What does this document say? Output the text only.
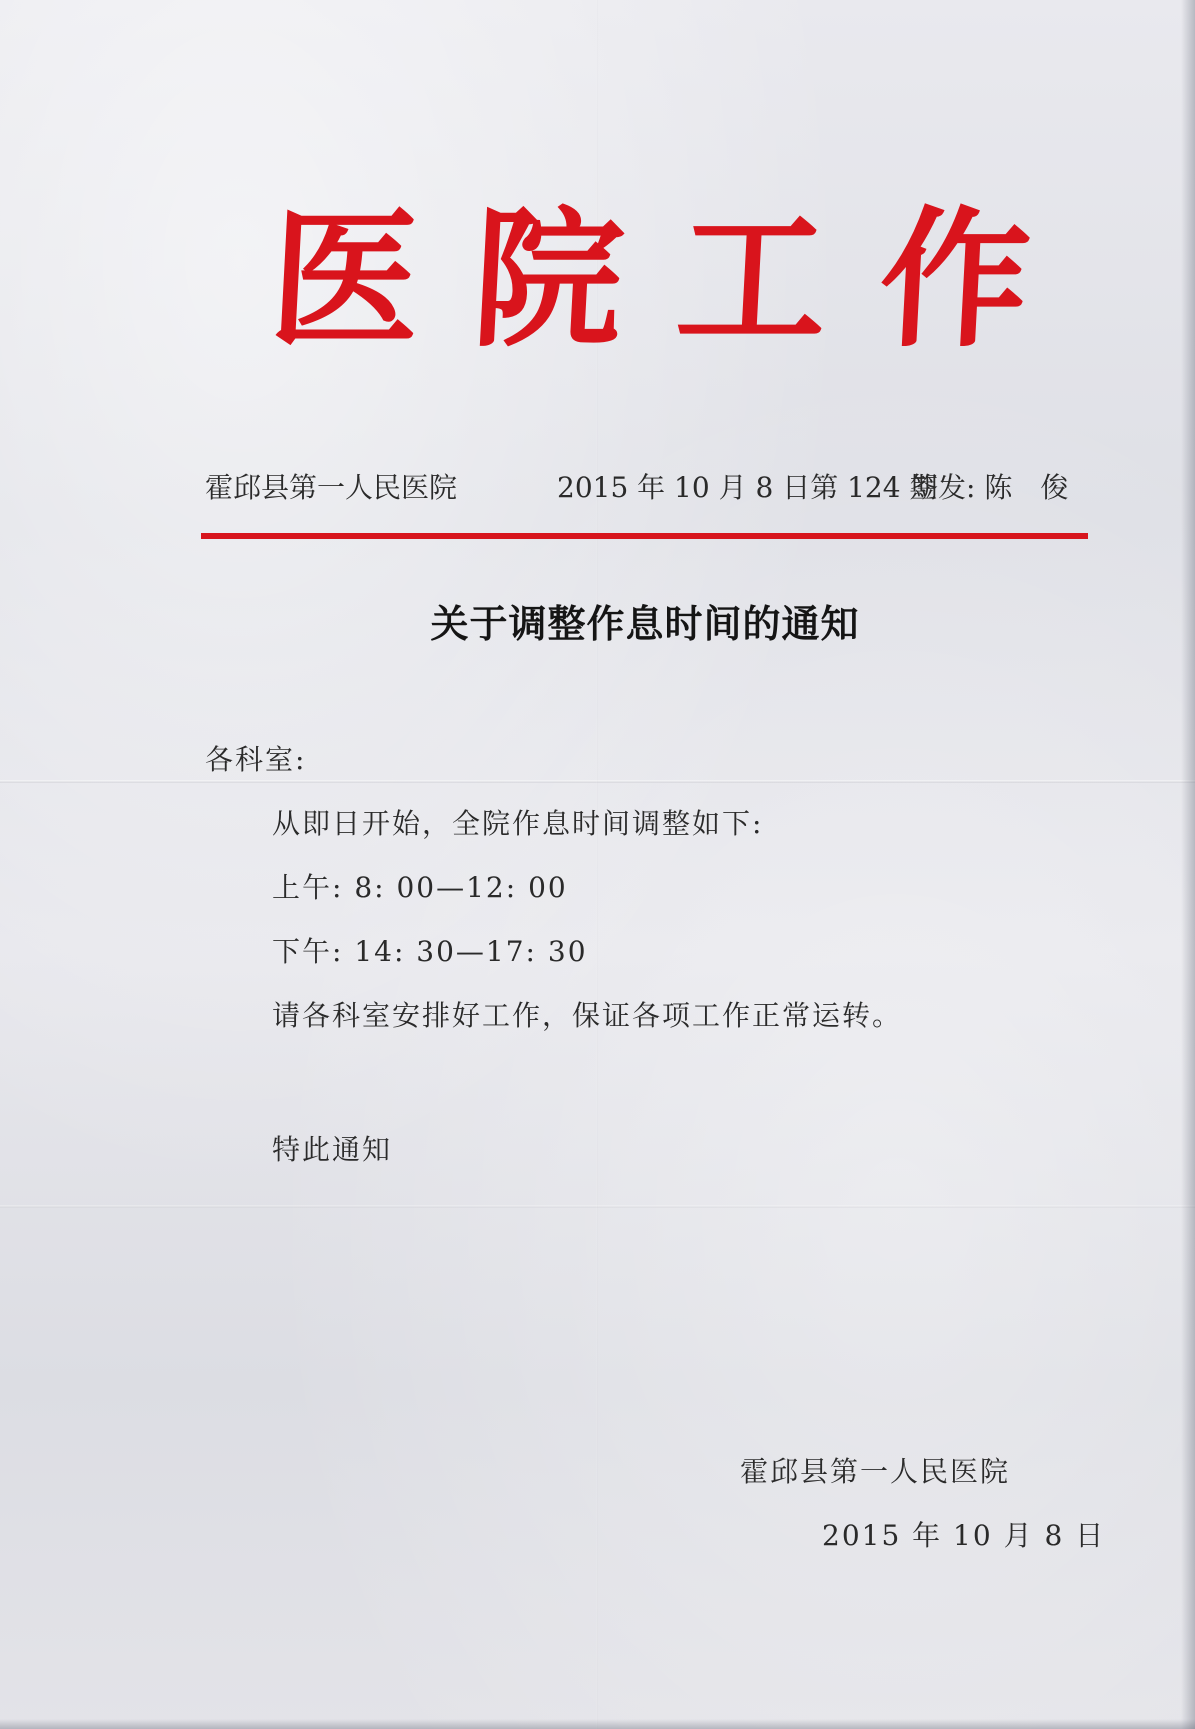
医 院 工 作
霍邱县第一人民医院	2015 年 10 月 8 日第 124 期
签发: 陈　俊
关于调整作息时间的通知
各科室:
从即日开始，全院作息时间调整如下:
上午: 8: 00—12: 00
下午: 14: 30—17: 30
请各科室安排好工作，保证各项工作正常运转。
特此通知
霍邱县第一人民医院
2015 年 10 月 8 日
